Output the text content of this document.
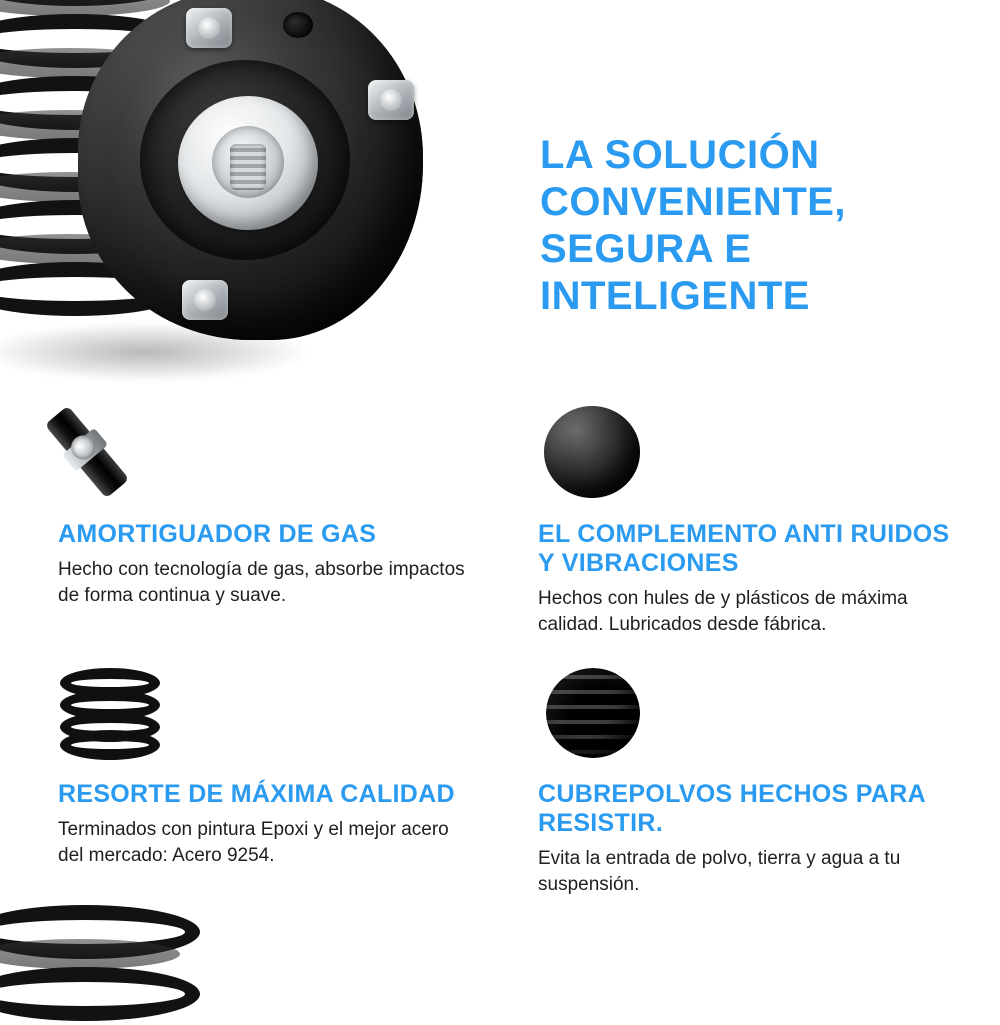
LA SOLUCIÓN CONVENIENTE, SEGURA E INTELIGENTE
AMORTIGUADOR DE GAS

Hecho con tecnología de gas, absorbe impactos de forma continua y suave.

EL COMPLEMENTO ANTI RUIDOS Y VIBRACIONES

Hechos con hules de y plásticos de máxima calidad. Lubricados desde fábrica.

RESORTE DE MÁXIMA CALIDAD

Terminados con pintura Epoxi y el mejor acero del mercado: Acero 9254.

CUBREPOLVOS HECHOS PARA RESISTIR.

Evita la entrada de polvo, tierra y agua a tu suspensión.
